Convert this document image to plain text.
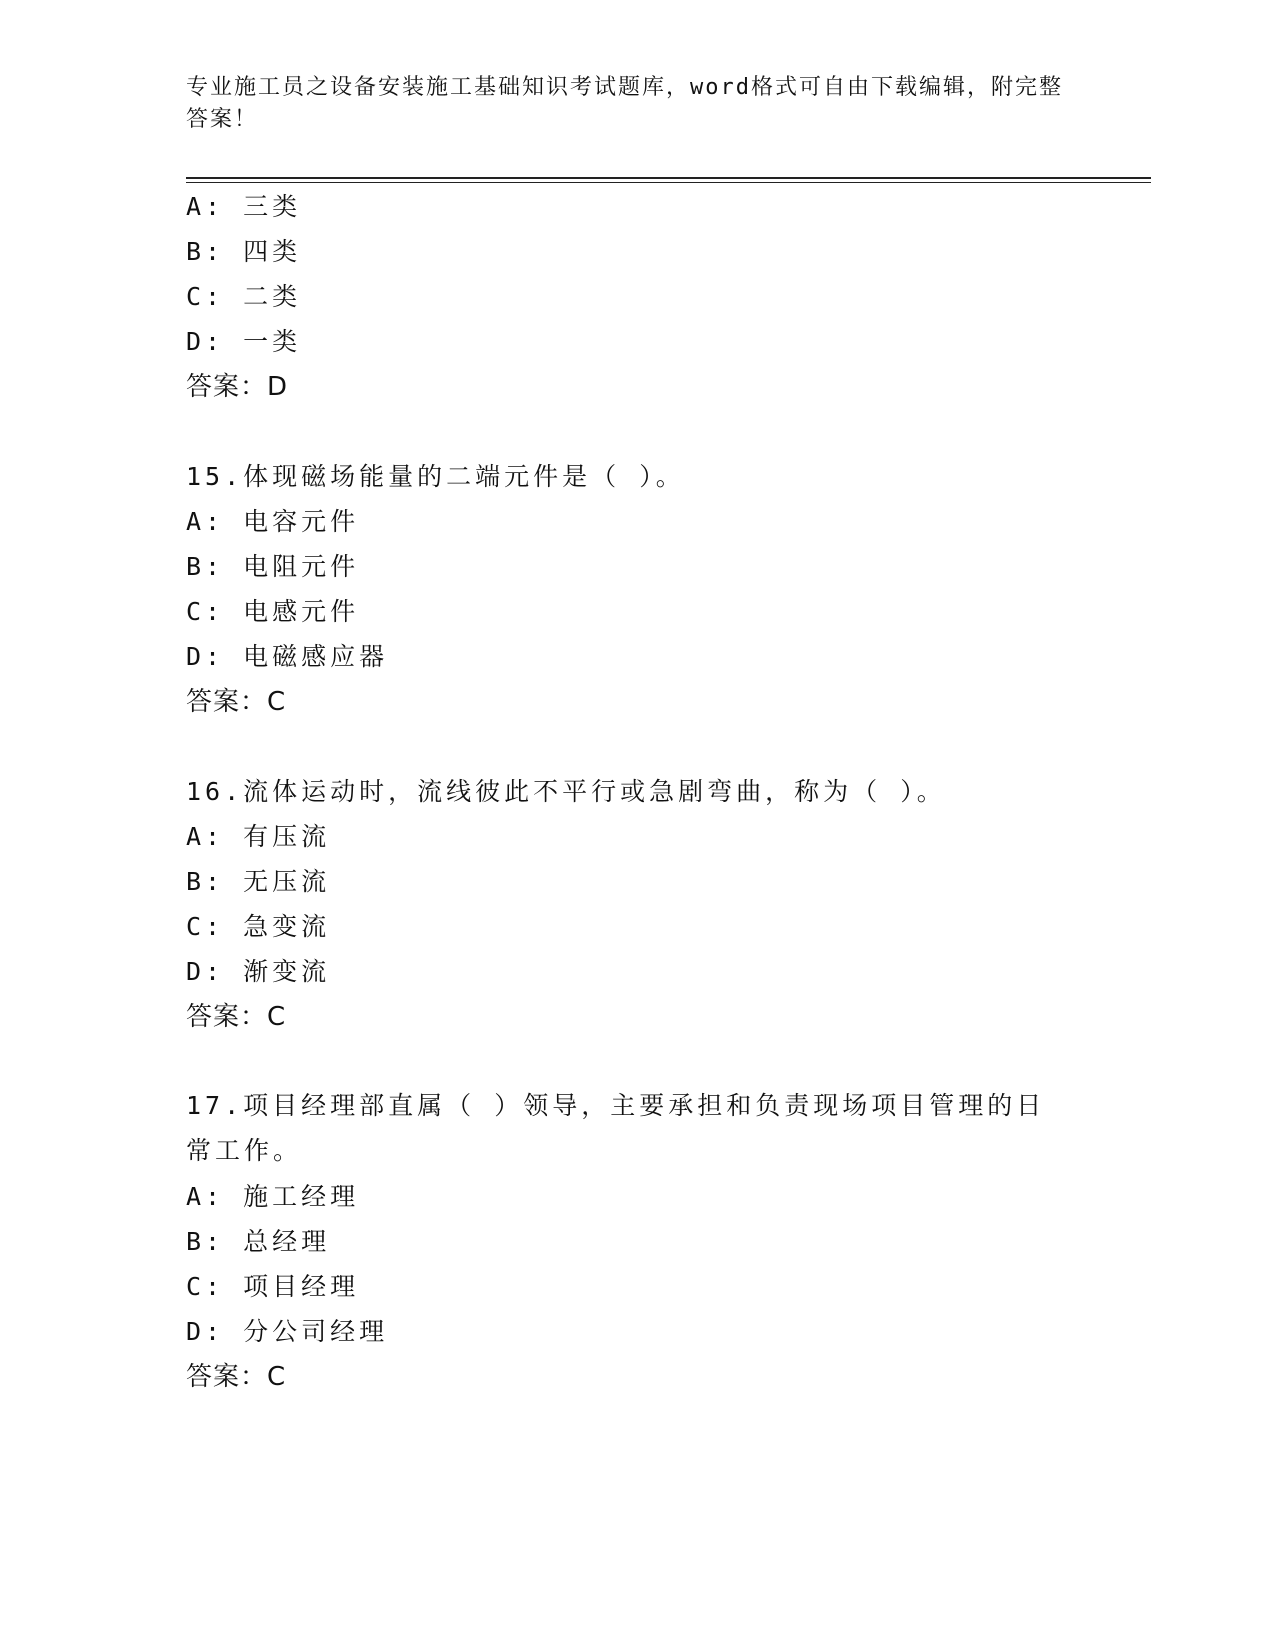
专业施工员之设备安装施工基础知识考试题库，word格式可自由下载编辑，附完整答案！
A: 三类
B: 四类
C: 二类
D: 一类
答案：D
15.体现磁场能量的二端元件是（ ）。
A: 电容元件
B: 电阻元件
C: 电感元件
D: 电磁感应器
答案：C
16.流体运动时，流线彼此不平行或急剧弯曲，称为（ ）。
A: 有压流
B: 无压流
C: 急变流
D: 渐变流
答案：C
17.项目经理部直属（ ）领导，主要承担和负责现场项目管理的日常工作。
A: 施工经理
B: 总经理
C: 项目经理
D: 分公司经理
答案：C
